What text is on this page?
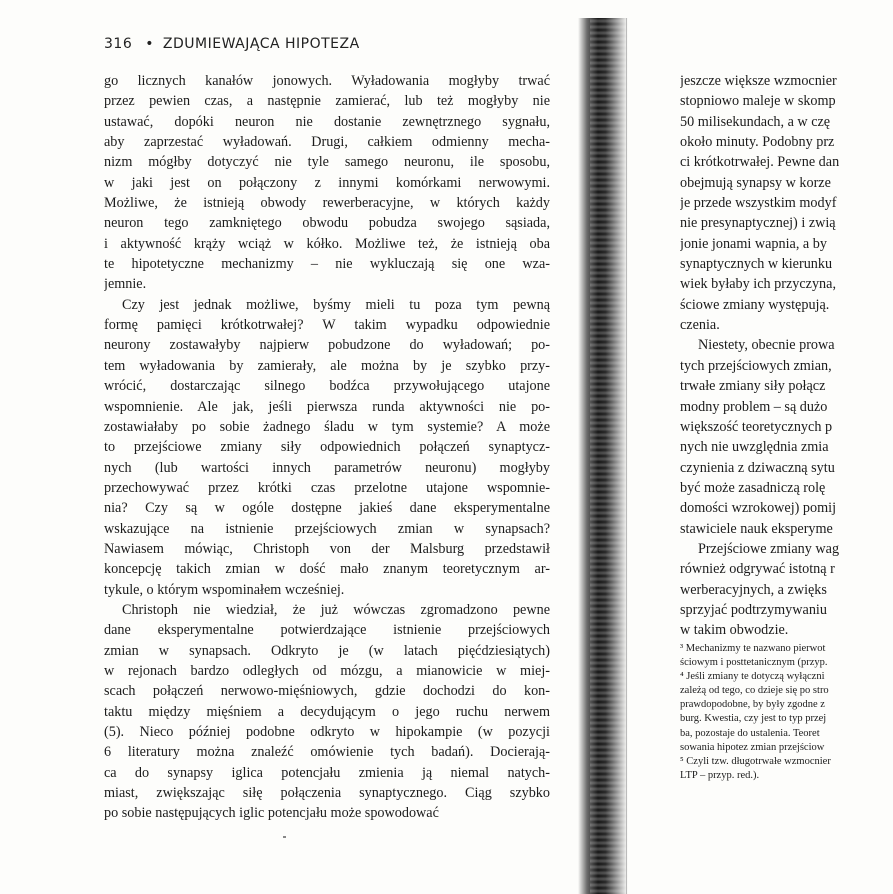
316 • ZDUMIEWAJĄCA HIPOTEZA
go licznych kanałów jonowych. Wyładowania mogłyby trwać
przez pewien czas, a następnie zamierać, lub też mogłyby nie
ustawać, dopóki neuron nie dostanie zewnętrznego sygnału,
aby zaprzestać wyładowań. Drugi, całkiem odmienny mecha-
nizm mógłby dotyczyć nie tyle samego neuronu, ile sposobu,
w jaki jest on połączony z innymi komórkami nerwowymi.
Możliwe, że istnieją obwody rewerberacyjne, w których każdy
neuron tego zamkniętego obwodu pobudza swojego sąsiada,
i aktywność krąży wciąż w kółko. Możliwe też, że istnieją oba
te hipotetyczne mechanizmy – nie wykluczają się one wza-
jemnie.
Czy jest jednak możliwe, byśmy mieli tu poza tym pewną
formę pamięci krótkotrwałej? W takim wypadku odpowiednie
neurony zostawałyby najpierw pobudzone do wyładowań; po-
tem wyładowania by zamierały, ale można by je szybko przy-
wrócić, dostarczając silnego bodźca przywołującego utajone
wspomnienie. Ale jak, jeśli pierwsza runda aktywności nie po-
zostawiałaby po sobie żadnego śladu w tym systemie? A może
to przejściowe zmiany siły odpowiednich połączeń synaptycz-
nych (lub wartości innych parametrów neuronu) mogłyby
przechowywać przez krótki czas przelotne utajone wspomnie-
nia? Czy są w ogóle dostępne jakieś dane eksperymentalne
wskazujące na istnienie przejściowych zmian w synapsach?
Nawiasem mówiąc, Christoph von der Malsburg przedstawił
koncepcję takich zmian w dość mało znanym teoretycznym ar-
tykule, o którym wspominałem wcześniej.
Christoph nie wiedział, że już wówczas zgromadzono pewne
dane eksperymentalne potwierdzające istnienie przejściowych
zmian w synapsach. Odkryto je (w latach pięćdziesiątych)
w rejonach bardzo odległych od mózgu, a mianowicie w miej-
scach połączeń nerwowo-mięśniowych, gdzie dochodzi do kon-
taktu między mięśniem a decydującym o jego ruchu nerwem
(5). Nieco później podobne odkryto w hipokampie (w pozycji
6 literatury można znaleźć omówienie tych badań). Docierają-
ca do synapsy iglica potencjału zmienia ją niemal natych-
miast, zwiększając siłę połączenia synaptycznego. Ciąg szybko
po sobie następujących iglic potencjału może spowodować
jeszcze większe wzmocnier
stopniowo maleje w skomp
50 milisekundach, a w czę
około minuty. Podobny prz
ci krótkotrwałej. Pewne dan
obejmują synapsy w korze
je przede wszystkim modyf
nie presynaptycznej) i zwią
jonie jonami wapnia, a by
synaptycznych w kierunku
wiek byłaby ich przyczyna,
ściowe zmiany występują.
czenia.
Niestety, obecnie prowa
tych przejściowych zmian,
trwałe zmiany siły połącz
modny problem – są dużo
większość teoretycznych p
nych nie uwzględnia zmia
czynienia z dziwaczną sytu
być może zasadniczą rolę
domości wzrokowej) pomij
stawiciele nauk eksperyme
Przejściowe zmiany wag
również odgrywać istotną r
werberacyjnych, a zwięks
sprzyjać podtrzymywaniu
w takim obwodzie.
³ Mechanizmy te nazwano pierwot
ściowym i posttetanicznym (przyp.
⁴ Jeśli zmiany te dotyczą wyłączni
zależą od tego, co dzieje się po stro
prawdopodobne, by były zgodne z
burg. Kwestia, czy jest to typ przej
ba, pozostaje do ustalenia. Teoret
sowania hipotez zmian przejściow
⁵ Czyli tzw. długotrwałe wzmocnier
LTP – przyp. red.).
